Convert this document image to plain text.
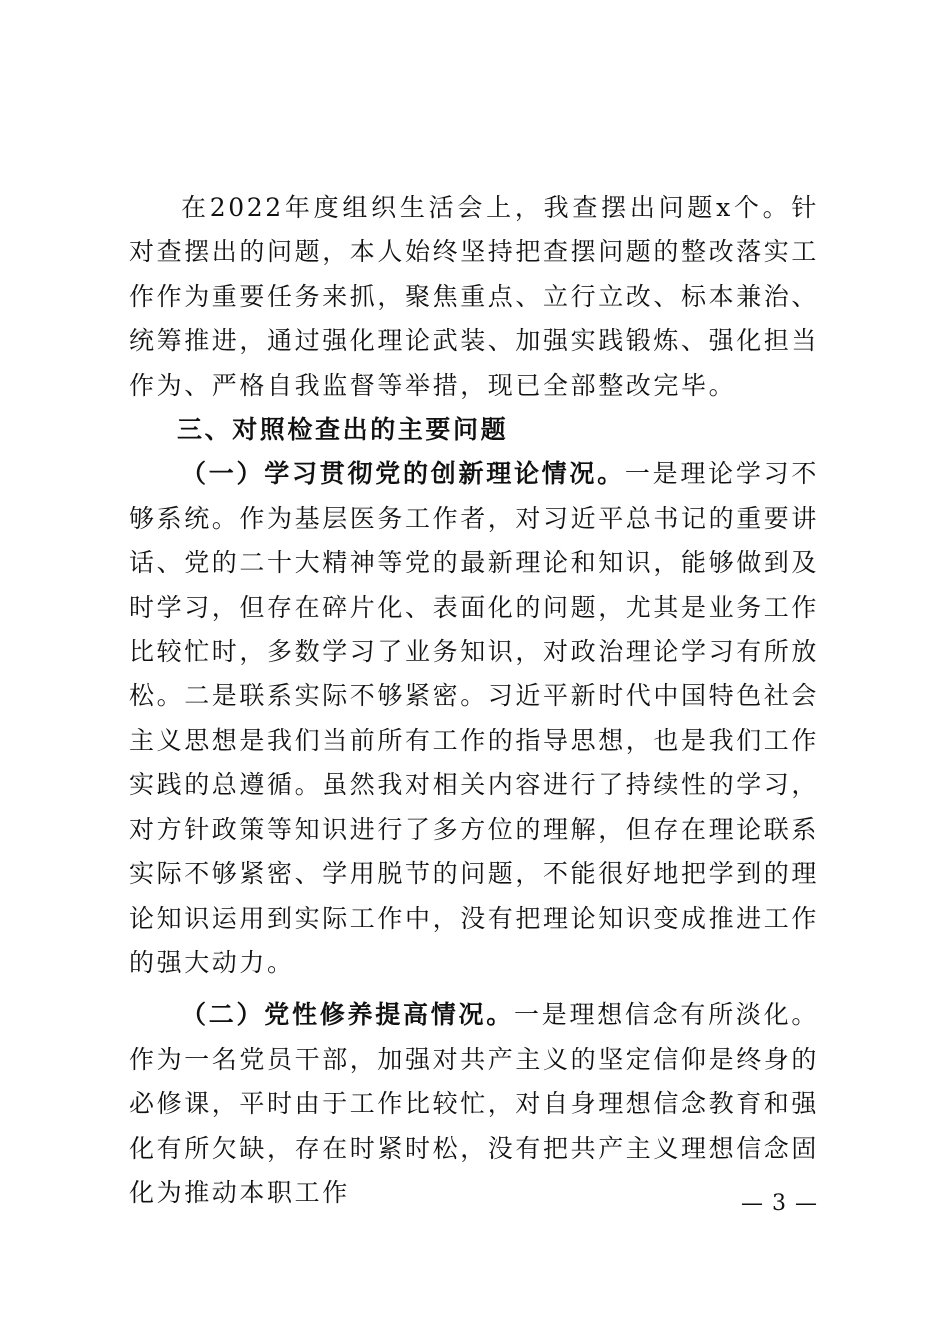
在2022年度组织生活会上，我查摆出问题x个。针对查摆出的问题，本人始终坚持把查摆问题的整改落实工作作为重要任务来抓，聚焦重点、立行立改、标本兼治、统筹推进，通过强化理论武装、加强实践锻炼、强化担当作为、严格自我监督等举措，现已全部整改完毕。

三、对照检查出的主要问题

（一）学习贯彻党的创新理论情况。一是理论学习不够系统。作为基层医务工作者，对习近平总书记的重要讲话、党的二十大精神等党的最新理论和知识，能够做到及时学习，但存在碎片化、表面化的问题，尤其是业务工作比较忙时，多数学习了业务知识，对政治理论学习有所放松。二是联系实际不够紧密。习近平新时代中国特色社会主义思想是我们当前所有工作的指导思想，也是我们工作实践的总遵循。虽然我对相关内容进行了持续性的学习，对方针政策等知识进行了多方位的理解，但存在理论联系实际不够紧密、学用脱节的问题，不能很好地把学到的理论知识运用到实际工作中，没有把理论知识变成推进工作的强大动力。

（二）党性修养提高情况。一是理想信念有所淡化。作为一名党员干部，加强对共产主义的坚定信仰是终身的必修课，平时由于工作比较忙，对自身理想信念教育和强化有所欠缺，存在时紧时松，没有把共产主义理想信念固化为推动本职工作	— 3 —
